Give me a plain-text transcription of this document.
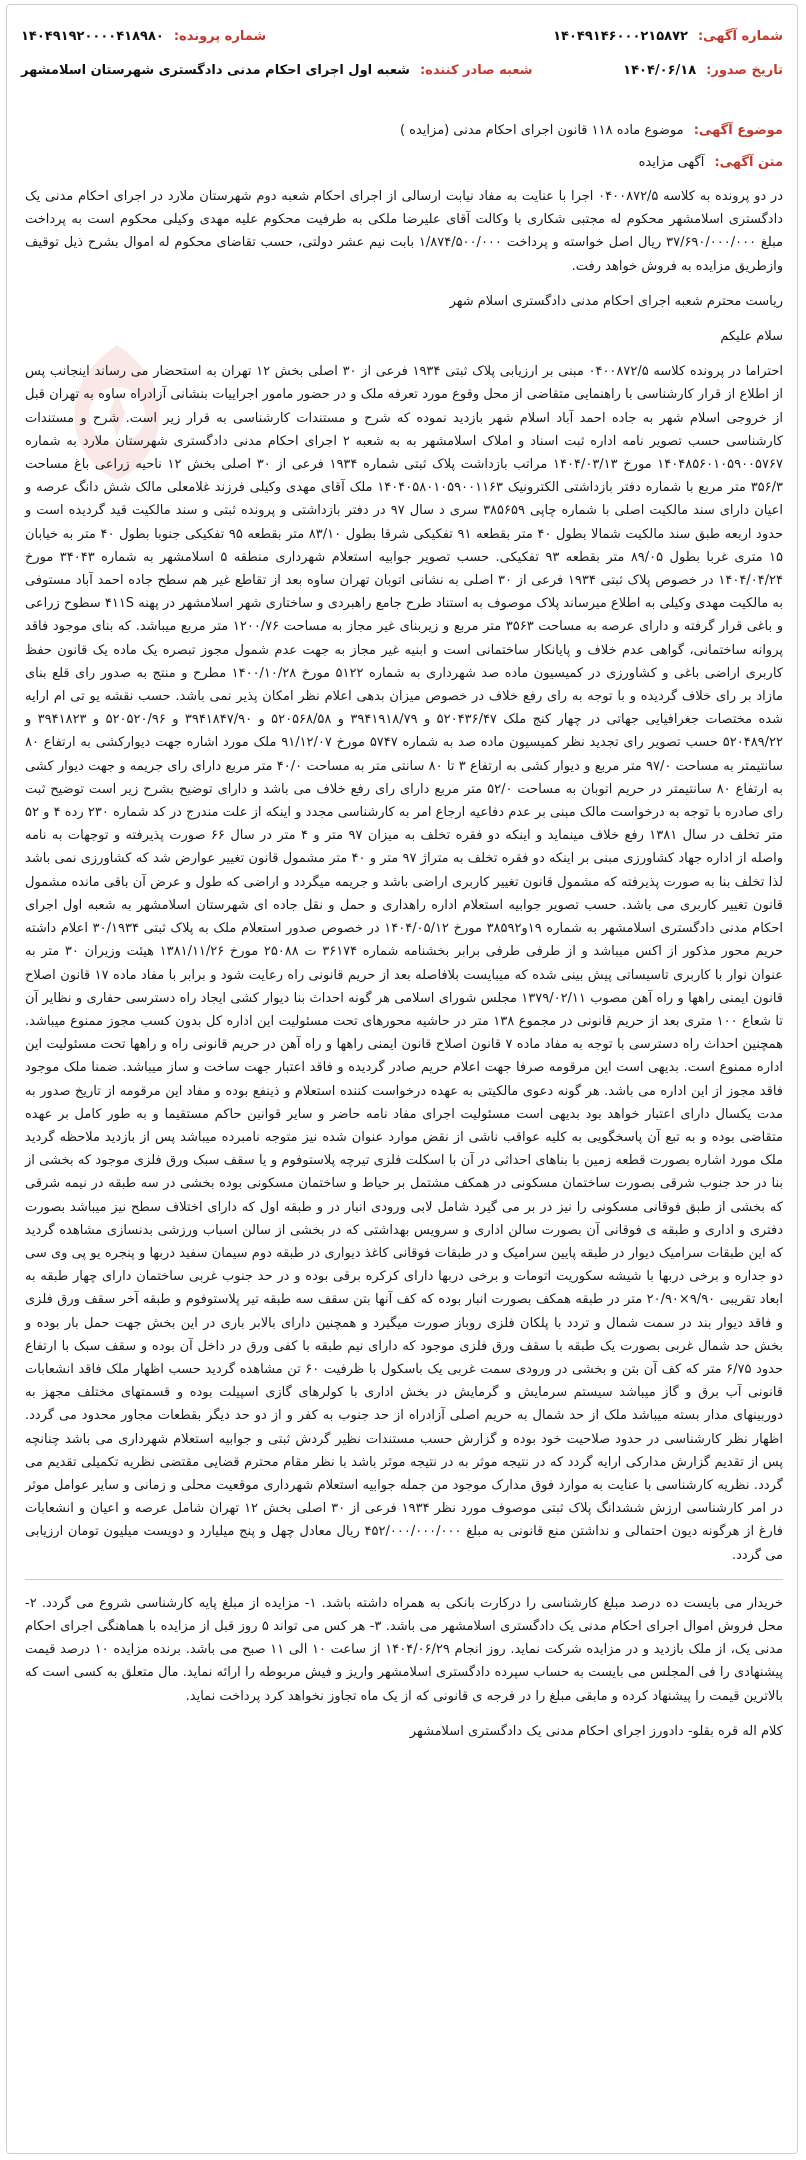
شماره آگهی:
۱۴۰۴۹۱۴۶۰۰۰۲۱۵۸۷۲
شماره پرونده:
۱۴۰۴۹۱۹۲۰۰۰۰۴۱۸۹۸۰
تاریخ صدور:
۱۴۰۴/۰۶/۱۸
شعبه صادر کننده:
شعبه اول اجرای احکام مدنی دادگستری شهرستان اسلامشهر
موضوع آگهی: موضوع ماده ۱۱۸ قانون اجرای احکام مدنی (مزایده )
متن آگهی: آگهی مزایده

در دو پرونده به کلاسه ۰۴۰۰۸۷۲/۵ اجرا با عنایت به مفاد نیابت ارسالی از اجرای احکام شعبه دوم شهرستان ملارد در اجرای احکام مدنی یک دادگستری اسلامشهر محکوم له مجتبی شکاری با وکالت آقای علیرضا ملکی به طرفیت محکوم علیه مهدی وکیلی محکوم است به پرداخت مبلغ ۳۷/۶۹۰/۰۰۰/۰۰۰ ریال اصل خواسته و پرداخت ۱/۸۷۴/۵۰۰/۰۰۰ بابت نیم عشر دولتی، حسب تقاضای محکوم له اموال بشرح ذیل توقیف وازطریق مزایده به فروش خواهد رفت.

ریاست محترم شعبه اجرای احکام مدنی دادگستری اسلام شهر

سلام علیکم

احتراما در پرونده کلاسه ۰۴۰۰۸۷۲/۵ مبنی بر ارزیابی پلاک ثبتی ۱۹۳۴ فرعی از ۳۰ اصلی بخش ۱۲ تهران به استحضار می رساند اینجانب پس از اطلاع از قرار کارشناسی با راهنمایی متقاضی از محل وقوع مورد تعرفه ملک و در حضور مامور اجراییات بنشانی آزادراه ساوه به تهران قبل از خروجی اسلام شهر به جاده احمد آباد اسلام شهر بازدید نموده که شرح و مستندات کارشناسی به قرار زیر است. شرح و مستندات کارشناسی حسب تصویر نامه اداره ثبت اسناد و املاک اسلامشهر به به شعبه ۲ اجرای احکام مدنی دادگستری شهرستان ملارد به شماره ۱۴۰۴۸۵۶۰۱۰۵۹۰۰۵۷۶۷ مورخ ۱۴۰۴/۰۳/۱۳ مراتب بازداشت پلاک ثبتی شماره ۱۹۳۴ فرعی از ۳۰ اصلی بخش ۱۲ ناحیه زراعی باغ مساحت ۳۵۶/۳ متر مربع با شماره دفتر بازداشتی الکترونیک ۱۴۰۴۰۵۸۰۱۰۵۹۰۰۱۱۶۳ ملک آقای مهدی وکیلی فرزند غلامعلی مالک شش دانگ عرصه و اعیان دارای سند مالکیت اصلی با شماره چاپی ۳۸۵۶۵۹ سری د سال ۹۷ در دفتر بازداشتی و پرونده ثبتی و سند مالکیت قید گردیده است و حدود اربعه طبق سند مالکیت شمالا بطول ۴۰ متر بقطعه ۹۱ تفکیکی شرقا بطول ۸۳/۱۰ متر بقطعه ۹۵ تفکیکی جنوبا بطول ۴۰ متر به خیابان ۱۵ متری غربا بطول ۸۹/۰۵ متر بقطعه ۹۳ تفکیکی. حسب تصویر جوابیه استعلام شهرداری منطقه ۵ اسلامشهر به شماره ۳۴۰۴۳ مورخ ۱۴۰۴/۰۴/۲۴ در خصوص پلاک ثبتی ۱۹۳۴ فرعی از ۳۰ اصلی به نشانی اتوبان تهران ساوه بعد از تقاطع غیر هم سطح جاده احمد آباد مستوفی به مالکیت مهدی وکیلی به اطلاع میرساند پلاک موصوف به استناد طرح جامع راهبردی و ساختاری شهر اسلامشهر در پهنه ۴۱۱S سطوح زراعی و باغی قرار گرفته و دارای عرصه به مساحت ۳۵۶۳ متر مربع و زیربنای غیر مجاز به مساحت ۱۲۰۰/۷۶ متر مربع میباشد. که بنای موجود فاقد پروانه ساختمانی، گواهی عدم خلاف و پایانکار ساختمانی است و ابنیه غیر مجاز به جهت عدم شمول مجوز تبصره یک ماده یک قانون حفظ کاربری اراضی باغی و کشاورزی در کمیسیون ماده صد شهرداری به شماره ۵۱۲۲ مورخ ۱۴۰۰/۱۰/۲۸ مطرح و منتج به صدور رای قلع بنای مازاد بر رای خلاف گردیده و با توجه به رای رفع خلاف در خصوص میزان بدهی اعلام نظر امکان پذیر نمی باشد. حسب نقشه یو تی ام ارایه شده مختصات جغرافیایی جهاتی در چهار کنج ملک ۵۲۰۴۳۶/۴۷ و ۳۹۴۱۹۱۸/۷۹ و ۵۲۰۵۶۸/۵۸ و ۳۹۴۱۸۴۷/۹۰ و ۵۲۰۵۲۰/۹۶ و ۳۹۴۱۸۲۳ و ۵۲۰۴۸۹/۲۲ حسب تصویر رای تجدید نظر کمیسیون ماده صد به شماره ۵۷۴۷ مورخ ۹۱/۱۲/۰۷ ملک مورد اشاره جهت دیوارکشی به ارتفاع ۸۰ سانتیمتر به مساحت ۹۷/۰ متر مربع و دیوار کشی به ارتفاع ۳ تا ۸۰ سانتی متر به مساحت ۴۰/۰ متر مربع دارای رای جریمه و جهت دیوار کشی به ارتفاع ۸۰ سانتیمتر در حریم اتوبان به مساحت ۵۲/۰ متر مربع دارای رای رفع خلاف می باشد و دارای توضیح بشرح زیر است توضیح ثبت رای صادره با توجه به درخواست مالک مبنی بر عدم دفاعیه ارجاع امر به کارشناسی مجدد و اینکه از علت مندرج در کد شماره ۲۳۰ رده ۴ و ۵۲ متر تخلف در سال ۱۳۸۱ رفع خلاف مینماید و اینکه دو فقره تخلف به میزان ۹۷ متر و ۴ متر در سال ۶۶ صورت پذیرفته و توجهات به نامه واصله از اداره جهاد کشاورزی مبنی بر اینکه دو فقره تخلف به متراژ ۹۷ متر و ۴۰ متر مشمول قانون تغییر عوارض شد که کشاورزی نمی باشد لذا تخلف بنا به صورت پذیرفته که مشمول قانون تغییر کاربری اراضی باشد و جریمه میگردد و اراضی که طول و عرض آن باقی مانده مشمول قانون تغییر کاربری می باشد. حسب تصویر جوابیه استعلام اداره راهداری و حمل و نقل جاده ای شهرستان اسلامشهر به شعبه اول اجرای احکام مدنی دادگستری اسلامشهر به شماره ۱۹و۳۸۵۹۲ مورخ ۱۴۰۴/۰۵/۱۲ در خصوص صدور استعلام ملک به پلاک ثبتی ۳۰/۱۹۳۴ اعلام داشته حریم محور مذکور از اکس میباشد و از طرفی طرفی برابر بخشنامه شماره ۳۶۱۷۴ ت ۲۵۰۸۸ مورخ ۱۳۸۱/۱۱/۲۶ هیئت وزیران ۳۰ متر به عنوان نوار با کاربری تاسیساتی پیش بینی شده که میبایست بلافاصله بعد از حریم قانونی راه رعایت شود و برابر با مفاد ماده ۱۷ قانون اصلاح قانون ایمنی راهها و راه آهن مصوب ۱۳۷۹/۰۲/۱۱ مجلس شورای اسلامی هر گونه احداث بنا دیوار کشی ایجاد راه دسترسی حفاری و نظایر آن تا شعاع ۱۰۰ متری بعد از حریم قانونی در مجموع ۱۳۸ متر در حاشیه محورهای تحت مسئولیت این اداره کل بدون کسب مجوز ممنوع میباشد. همچنین احداث راه دسترسی با توجه به مفاد ماده ۷ قانون اصلاح قانون ایمنی راهها و راه آهن در حریم قانونی راه و راهها تحت مسئولیت این اداره ممنوع است. بدیهی است این مرقومه صرفا جهت اعلام حریم صادر گردیده و فاقد اعتبار جهت ساخت و ساز میباشد. ضمنا ملک موجود فاقد مجوز از این اداره می باشد. هر گونه دعوی مالکیتی به عهده درخواست کننده استعلام و ذینفع بوده و مفاد این مرقومه از تاریخ صدور به مدت یکسال دارای اعتبار خواهد بود بدیهی است مسئولیت اجرای مفاد نامه حاضر و سایر قوانین حاکم مستقیما و به طور کامل بر عهده متقاضی بوده و به تبع آن پاسخگویی به کلیه عواقب ناشی از نقض موارد عنوان شده نیز متوجه نامبرده میباشد پس از بازدید ملاحظه گردید ملک مورد اشاره بصورت قطعه زمین با بناهای احداثی در آن با اسکلت فلزی تیرچه پلاستوفوم و یا سقف سبک ورق فلزی موجود که بخشی از بنا در حد جنوب شرقی بصورت ساختمان مسکونی در همکف مشتمل بر حیاط و ساختمان مسکونی بوده بخشی در سه طبقه در نیمه شرقی که بخشی از طبق فوقانی مسکونی را نیز در بر می گیرد شامل لابی ورودی انبار در و طبقه اول که دارای اختلاف سطح نیز میباشد بصورت دفتری و اداری و طبقه ی فوقانی آن بصورت سالن اداری و سرویس بهداشتی که در بخشی از سالن اسباب ورزشی بدنسازی مشاهده گردید که این طبقات سرامیک دیوار در طبقه پایین سرامیک و در طبقات فوقانی کاغذ دیواری در طبقه دوم سیمان سفید دربها و پنجره یو پی وی سی دو جداره و برخی دربها با شیشه سکوریت اتومات و برخی دربها دارای کرکره برقی بوده و در حد جنوب غربی ساختمان دارای چهار طبقه به ابعاد تقریبی ۹/۹۰×۲۰/۹۰ متر در طبقه همکف بصورت انبار بوده که کف آنها بتن سقف سه طبقه تیر پلاستوفوم و طبقه آخر سقف ورق فلزی و فاقد دیوار بند در سمت شمال و تردد با پلکان فلزی روباز صورت میگیرد و همچنین دارای بالابر باری در این بخش جهت حمل بار بوده و بخش حد شمال غربی بصورت یک طبقه با سقف ورق فلزی موجود که دارای نیم طبقه با کفی ورق در داخل آن بوده و سقف سبک با ارتفاع حدود ۶/۷۵ متر که کف آن بتن و بخشی در ورودی سمت غربی یک باسکول با ظرفیت ۶۰ تن مشاهده گردید حسب اظهار ملک فاقد انشعابات قانونی آب برق و گاز میباشد سیستم سرمایش و گرمایش در بخش اداری با کولرهای گازی اسپیلت بوده و قسمتهای مختلف مجهز به دوربینهای مدار بسته میباشد ملک از حد شمال به حریم اصلی آزادراه از حد جنوب به کفر و از دو حد دیگر بقطعات مجاور محدود می گردد. اظهار نظر کارشناسی در حدود صلاحیت خود بوده و گزارش حسب مستندات نظیر گردش ثبتی و جوابیه استعلام شهرداری می باشد چنانچه پس از تقدیم گزارش مدارکی ارایه گردد که در نتیجه موثر به در نتیجه موثر باشد با نظر مقام محترم قضایی مقتضی نظریه تکمیلی تقدیم می گردد. نظریه کارشناسی با عنایت به موارد فوق مدارک موجود من جمله جوابیه استعلام شهرداری موقعیت محلی و زمانی و سایر عوامل موثر در امر کارشناسی ارزش ششدانگ پلاک ثبتی موصوف مورد نظر ۱۹۳۴ فرعی از ۳۰ اصلی بخش ۱۲ تهران شامل عرصه و اعیان و انشعابات فارغ از هرگونه دیون احتمالی و نداشتن منع قانونی به مبلغ ۴۵۲/۰۰۰/۰۰۰/۰۰۰ ریال معادل چهل و پنج میلیارد و دویست میلیون تومان ارزیابی می گردد.

خریدار می بایست ده درصد مبلغ کارشناسی را درکارت بانکی به همراه داشته باشد. ۱- مزایده از مبلغ پایه کارشناسی شروع می گردد. ۲- محل فروش اموال اجرای احکام مدنی یک دادگستری اسلامشهر می باشد. ۳- هر کس می تواند ۵ روز قبل از مزایده با هماهنگی اجرای احکام مدنی یک، از ملک بازدید و در مزایده شرکت نماید. روز انجام ۱۴۰۴/۰۶/۲۹ از ساعت ۱۰ الی ۱۱ صبح می باشد. برنده مزایده ۱۰ درصد قیمت پیشنهادی را فی المجلس می بایست به حساب سپرده دادگستری اسلامشهر واریز و فیش مربوطه را ارائه نماید. مال متعلق به کسی است که بالاترین قیمت را پیشنهاد کرده و مابقی مبلغ را در فرجه ی قانونی که از یک ماه تجاوز نخواهد کرد پرداخت نماید.

کلام اله قره بقلو- دادورز اجرای احکام مدنی یک دادگستری اسلامشهر
